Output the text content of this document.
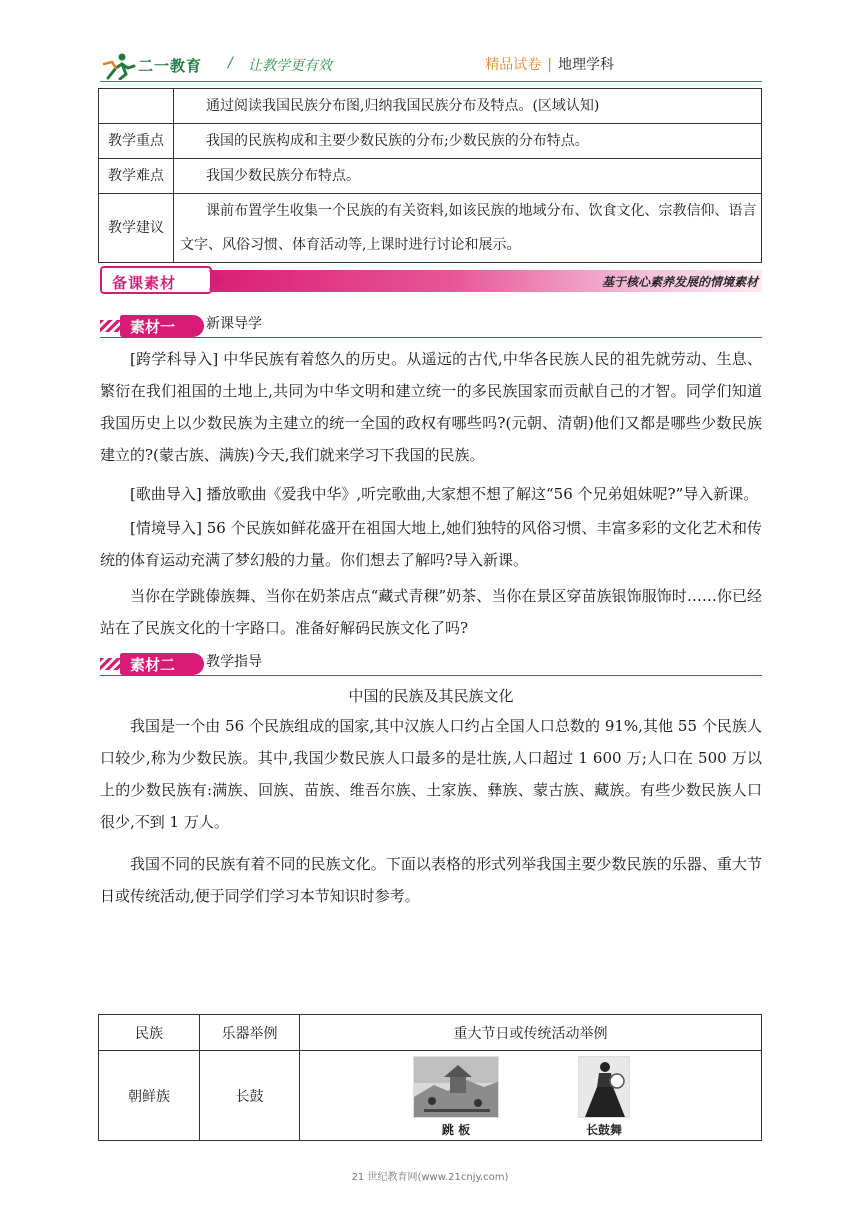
二一教育 / 让教学更有效	精品试卷 | 地理学科
	通过阅读我国民族分布图,归纳我国民族分布及特点。(区域认知)
教学重点	我国的民族构成和主要少数民族的分布;少数民族的分布特点。
教学难点	我国少数民族分布特点。
教学建议	课前布置学生收集一个民族的有关资料,如该民族的地域分布、饮食文化、宗教信仰、语言文字、风俗习惯、体育活动等,上课时进行讨论和展示。
备课素材	基于核心素养发展的情境素材
素材一 新课导学

[跨学科导入] 中华民族有着悠久的历史。从遥远的古代,中华各民族人民的祖先就劳动、生息、繁衍在我们祖国的土地上,共同为中华文明和建立统一的多民族国家而贡献自己的才智。同学们知道我国历史上以少数民族为主建立的统一全国的政权有哪些吗?(元朝、清朝)他们又都是哪些少数民族建立的?(蒙古族、满族)今天,我们就来学习下我国的民族。

[歌曲导入] 播放歌曲《爱我中华》,听完歌曲,大家想不想了解这“56 个兄弟姐妹呢?”导入新课。

[情境导入] 56 个民族如鲜花盛开在祖国大地上,她们独特的风俗习惯、丰富多彩的文化艺术和传统的体育运动充满了梦幻般的力量。你们想去了解吗?导入新课。

当你在学跳傣族舞、当你在奶茶店点“藏式青稞”奶茶、当你在景区穿苗族银饰服饰时……你已经站在了民族文化的十字路口。准备好解码民族文化了吗?

素材二 教学指导
中国的民族及其民族文化

我国是一个由 56 个民族组成的国家,其中汉族人口约占全国人口总数的 91%,其他 55 个民族人口较少,称为少数民族。其中,我国少数民族人口最多的是壮族,人口超过 1 600 万;人口在 500 万以上的少数民族有:满族、回族、苗族、维吾尔族、土家族、彝族、蒙古族、藏族。有些少数民族人口很少,不到 1 万人。

我国不同的民族有着不同的民族文化。下面以表格的形式列举我国主要少数民族的乐器、重大节日或传统活动,便于同学们学习本节知识时参考。

民族	乐器举例	重大节日或传统活动举例
朝鲜族	长鼓	跳 板 长鼓舞
21 世纪教育网(www.21cnjy.com)
